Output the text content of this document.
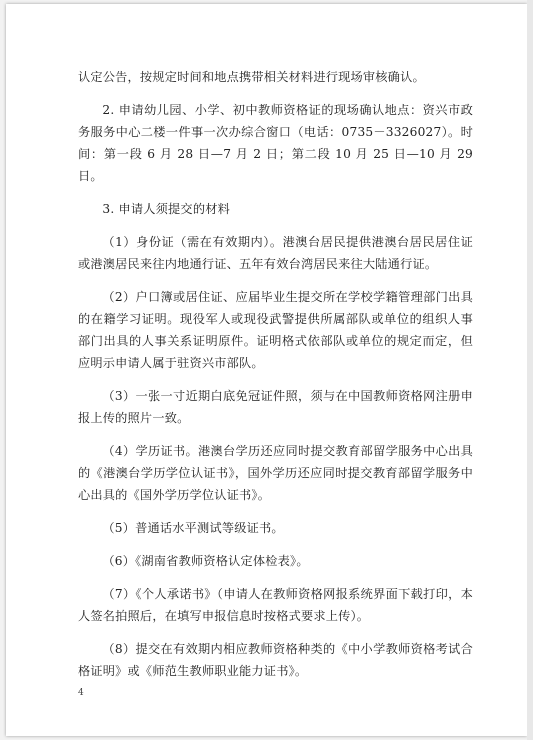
认定公告，按规定时间和地点携带相关材料进行现场审核确认。

2. 申请幼儿园、小学、初中教师资格证的现场确认地点：资兴市政务服务中心二楼一件事一次办综合窗口（电话：0735－3326027）。时间：第一段 6 月 28 日—7 月 2 日；第二段 10 月 25 日—10 月 29 日。

3. 申请人须提交的材料

（1）身份证（需在有效期内）。港澳台居民提供港澳台居民居住证或港澳居民来往内地通行证、五年有效台湾居民来往大陆通行证。

（2）户口簿或居住证、应届毕业生提交所在学校学籍管理部门出具的在籍学习证明。现役军人或现役武警提供所属部队或单位的组织人事部门出具的人事关系证明原件。证明格式依部队或单位的规定而定，但应明示申请人属于驻资兴市部队。

（3）一张一寸近期白底免冠证件照，须与在中国教师资格网注册申报上传的照片一致。

（4）学历证书。港澳台学历还应同时提交教育部留学服务中心出具的《港澳台学历学位认证书》，国外学历还应同时提交教育部留学服务中心出具的《国外学历学位认证书》。

（5）普通话水平测试等级证书。

（6）《湖南省教师资格认定体检表》。

（7）《个人承诺书》（申请人在教师资格网报系统界面下载打印，本人签名拍照后，在填写申报信息时按格式要求上传）。

（8）提交在有效期内相应教师资格种类的《中小学教师资格考试合格证明》或《师范生教师职业能力证书》。

4
